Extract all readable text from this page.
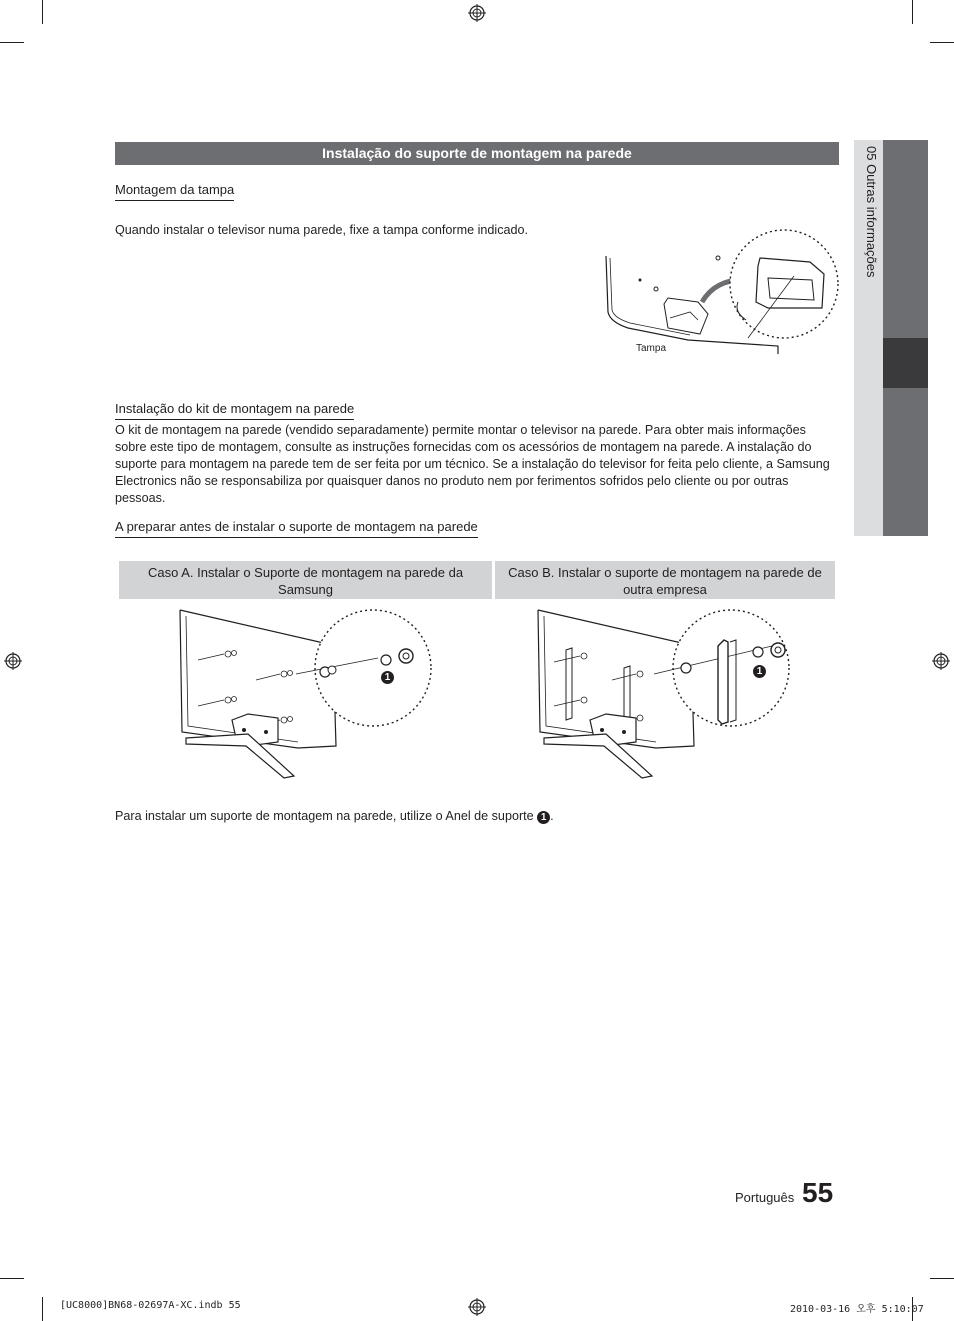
05 Outras informações
Instalação do suporte de montagem na parede
Montagem da tampa
Quando instalar o televisor numa parede, fixe a tampa conforme indicado.
Tampa
Instalação do kit de montagem na parede
O kit de montagem na parede (vendido separadamente) permite montar o televisor na parede. Para obter mais informações sobre este tipo de montagem, consulte as instruções fornecidas com os acessórios de montagem na parede. A instalação do suporte para montagem na parede tem de ser feita por um técnico. Se a instalação do televisor for feita pelo cliente, a Samsung Electronics não se responsabiliza por quaisquer danos no produto nem por ferimentos sofridos pelo cliente ou por outras pessoas.
A preparar antes de instalar o suporte de montagem na parede
Caso A. Instalar o Suporte de montagem na parede da Samsung
Caso B. Instalar o suporte de montagem na parede de outra empresa
1
1
Para instalar um suporte de montagem na parede, utilize o Anel de suporte 1 .
Português 55
[UC8000]BN68-02697A-XC.indb 55	2010-03-16 오후 5:10:07
